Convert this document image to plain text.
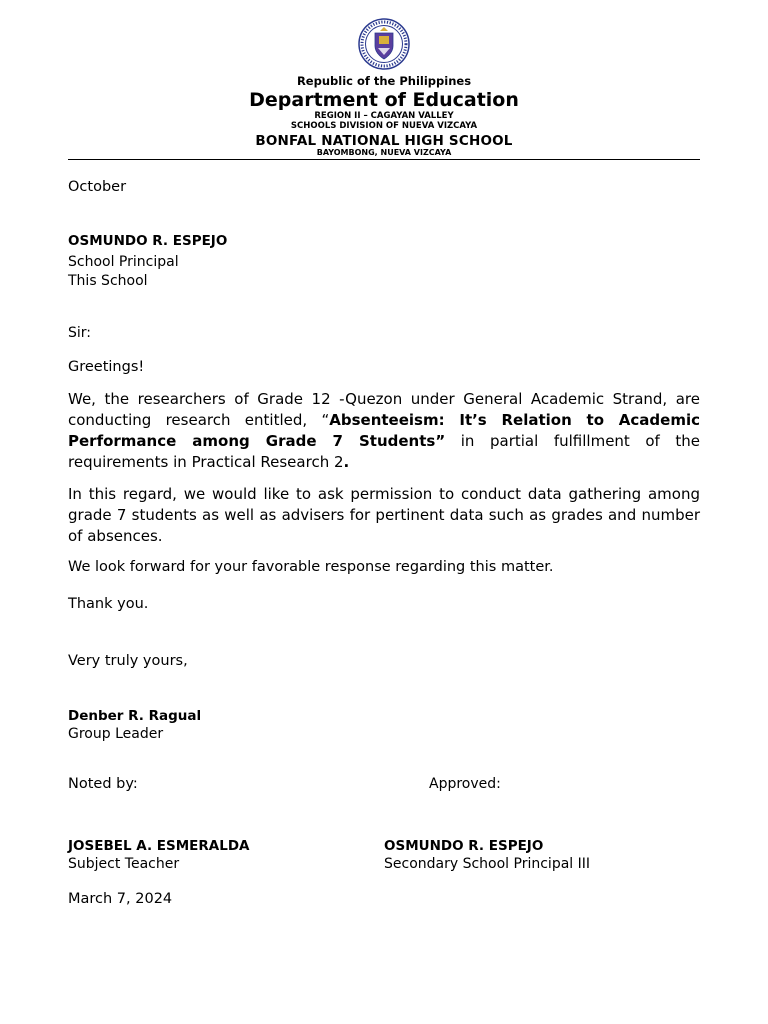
Republic of the Philippines
Department of Education
REGION II – CAGAYAN VALLEY
SCHOOLS DIVISION OF NUEVA VIZCAYA
BONFAL NATIONAL HIGH SCHOOL
BAYOMBONG, NUEVA VIZCAYA
October
OSMUNDO R. ESPEJO
School Principal
This School
Sir:
Greetings!
We, the researchers of Grade 12 -Quezon under General Academic Strand, are conducting research entitled, “Absenteeism: It’s Relation to Academic Performance among Grade 7 Students” in partial fulfillment of the requirements in Practical Research 2.
In this regard, we would like to ask permission to conduct data gathering among grade 7 students as well as advisers for pertinent data such as grades and number of absences.
We look forward for your favorable response regarding this matter.
Thank you.
Very truly yours,
Denber R. Ragual
Group Leader
Noted by:	Approved:
JOSEBEL A. ESMERALDA
Subject Teacher
OSMUNDO R. ESPEJO
Secondary School Principal III
March 7, 2024
